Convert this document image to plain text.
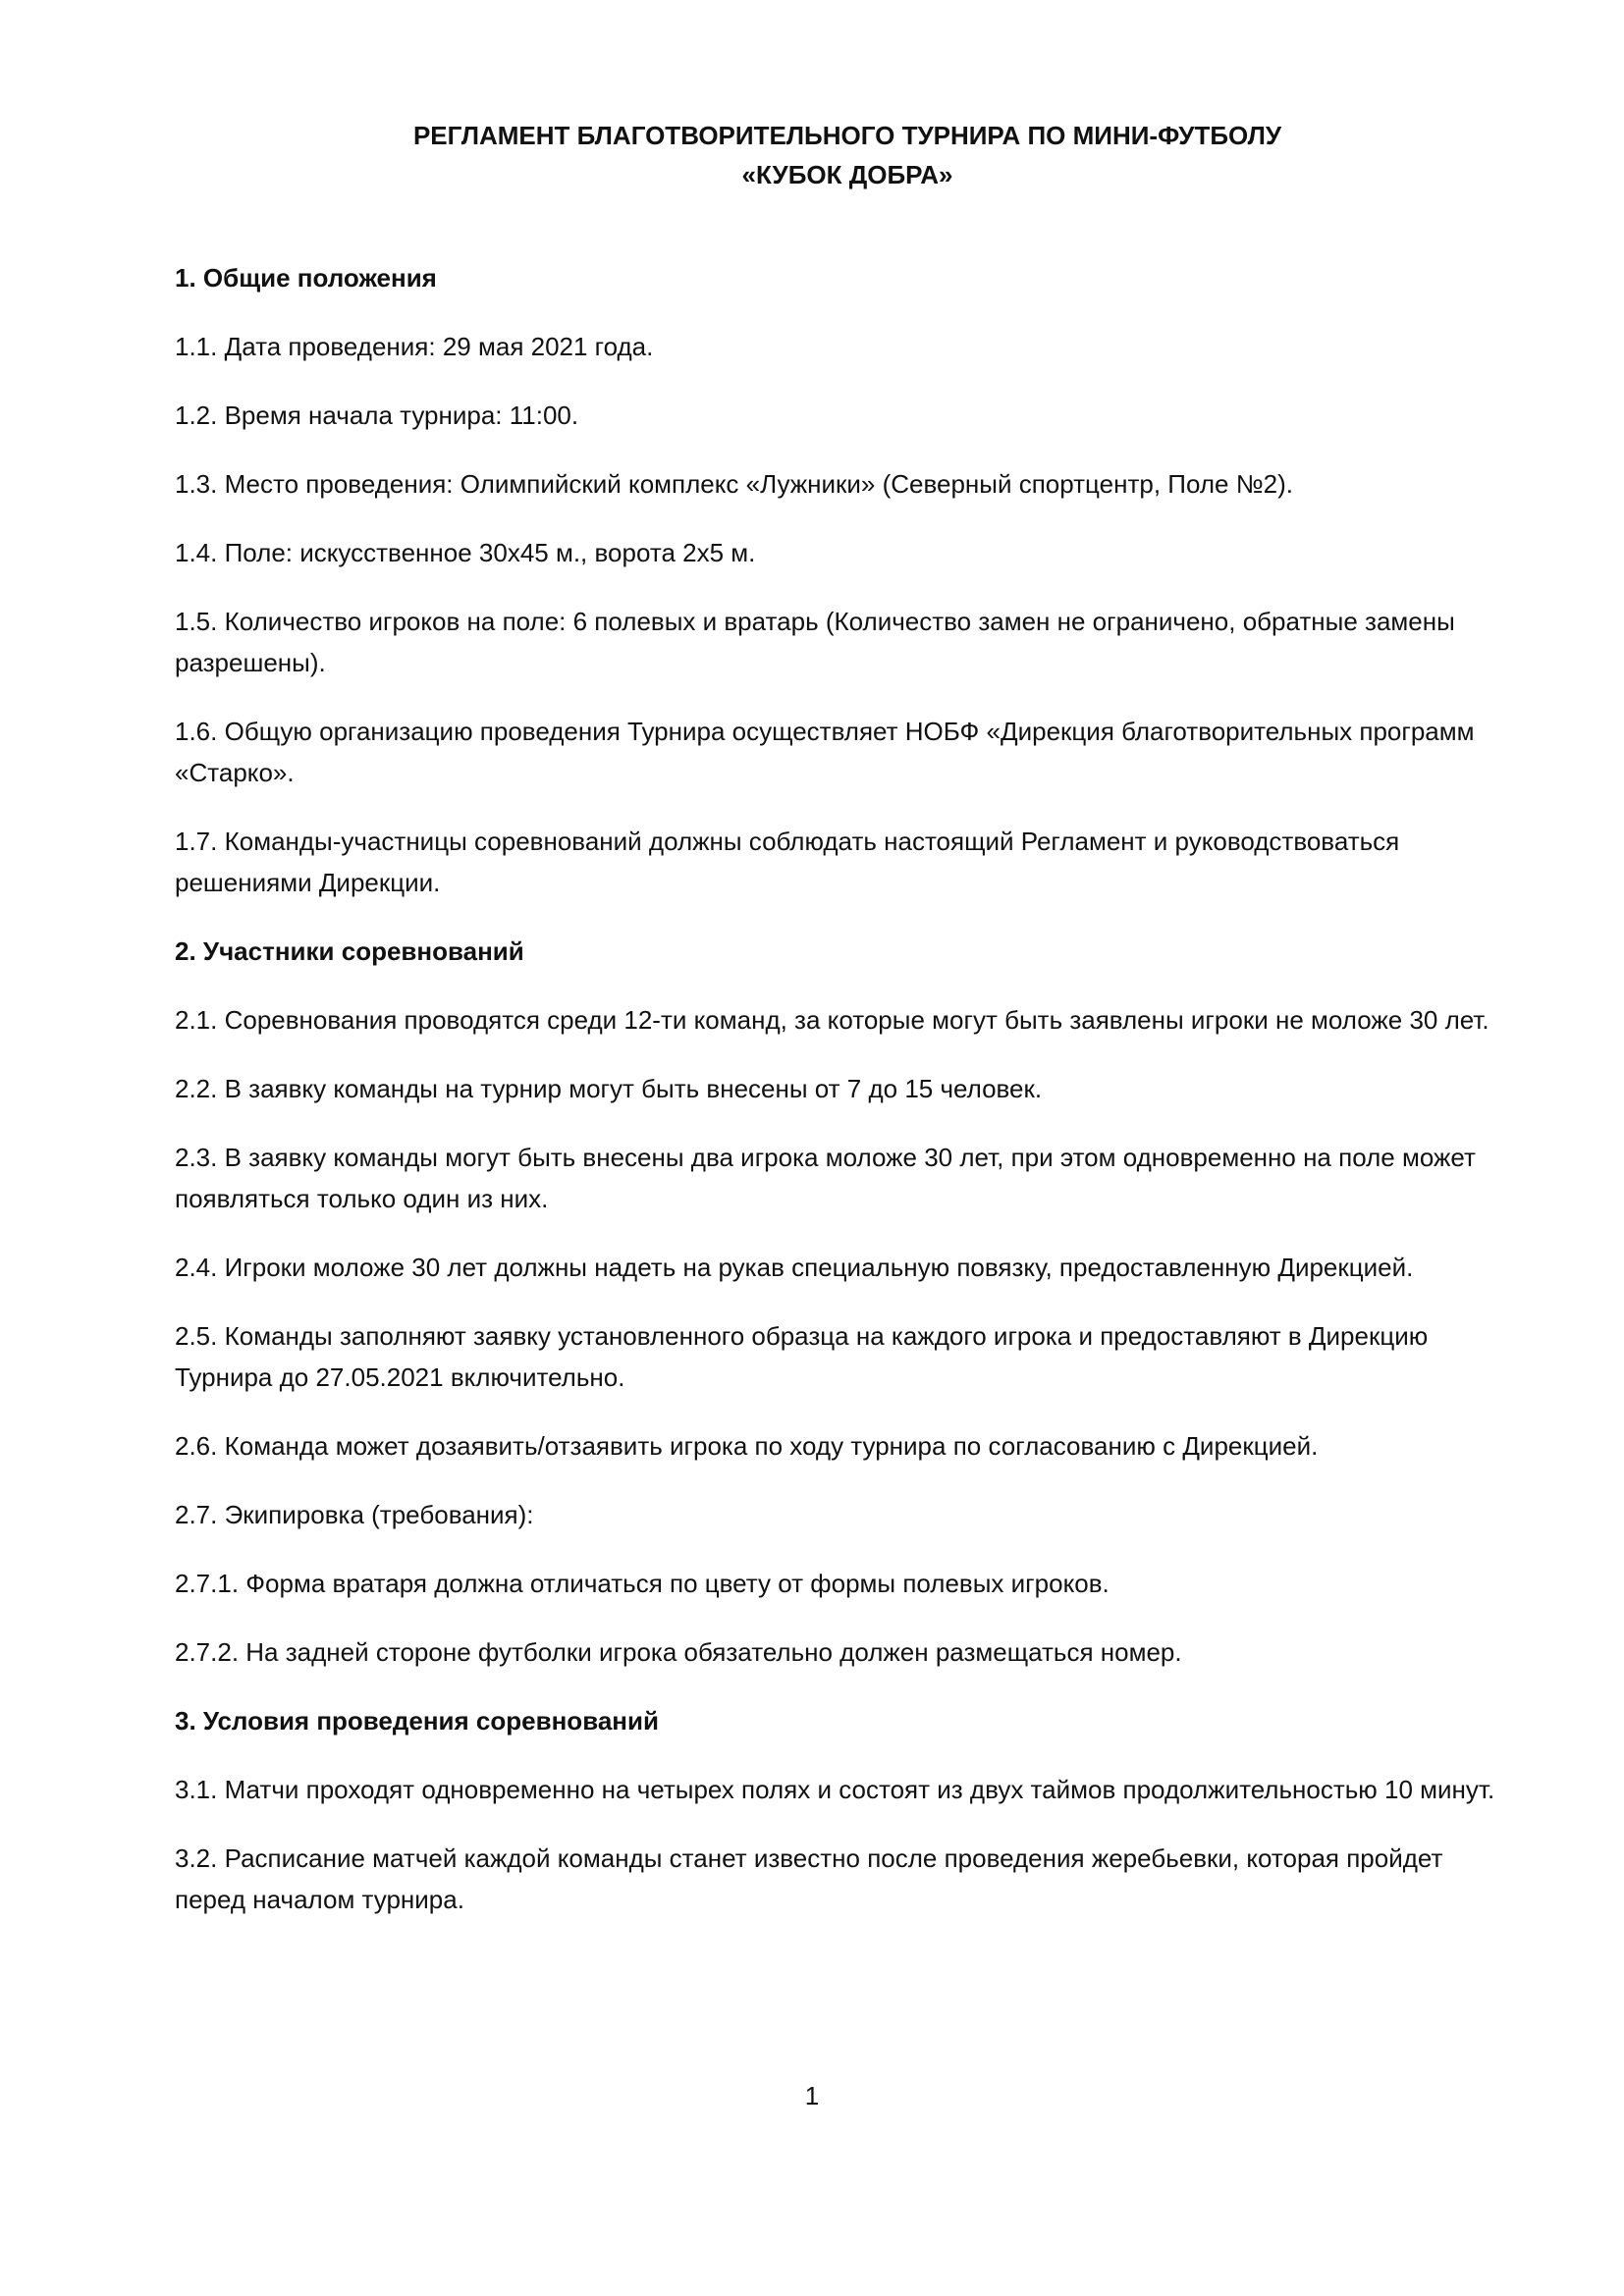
РЕГЛАМЕНТ БЛАГОТВОРИТЕЛЬНОГО ТУРНИРА ПО МИНИ-ФУТБОЛУ
«КУБОК ДОБРА»
1. Общие положения
1.1. Дата проведения: 29 мая 2021 года.
1.2. Время начала турнира: 11:00.
1.3. Место проведения: Олимпийский комплекс «Лужники» (Северный спортцентр, Поле №2).
1.4. Поле: искусственное 30х45 м., ворота 2х5 м.
1.5. Количество игроков на поле: 6 полевых и вратарь (Количество замен не ограничено, обратные замены разрешены).
1.6. Общую организацию проведения Турнира осуществляет НОБФ «Дирекция благотворительных программ «Старко».
1.7. Команды-участницы соревнований должны соблюдать настоящий Регламент и руководствоваться решениями Дирекции.
2. Участники соревнований
2.1. Соревнования проводятся среди 12-ти команд, за которые могут быть заявлены игроки не моложе 30 лет.
2.2. В заявку команды на турнир могут быть внесены от 7 до 15 человек.
2.3. В заявку команды могут быть внесены два игрока моложе 30 лет, при этом одновременно на поле может появляться только один из них.
2.4. Игроки моложе 30 лет должны надеть на рукав специальную повязку, предоставленную Дирекцией.
2.5. Команды заполняют заявку установленного образца на каждого игрока и предоставляют в Дирекцию Турнира до 27.05.2021 включительно.
2.6. Команда может дозаявить/отзаявить игрока по ходу турнира по согласованию с Дирекцией.
2.7. Экипировка (требования):
2.7.1. Форма вратаря должна отличаться по цвету от формы полевых игроков.
2.7.2. На задней стороне футболки игрока обязательно должен размещаться номер.
3. Условия проведения соревнований
3.1. Матчи проходят одновременно на четырех полях и состоят из двух таймов продолжительностью 10 минут.
3.2. Расписание матчей каждой команды станет известно после проведения жеребьевки, которая пройдет перед началом турнира.
1
